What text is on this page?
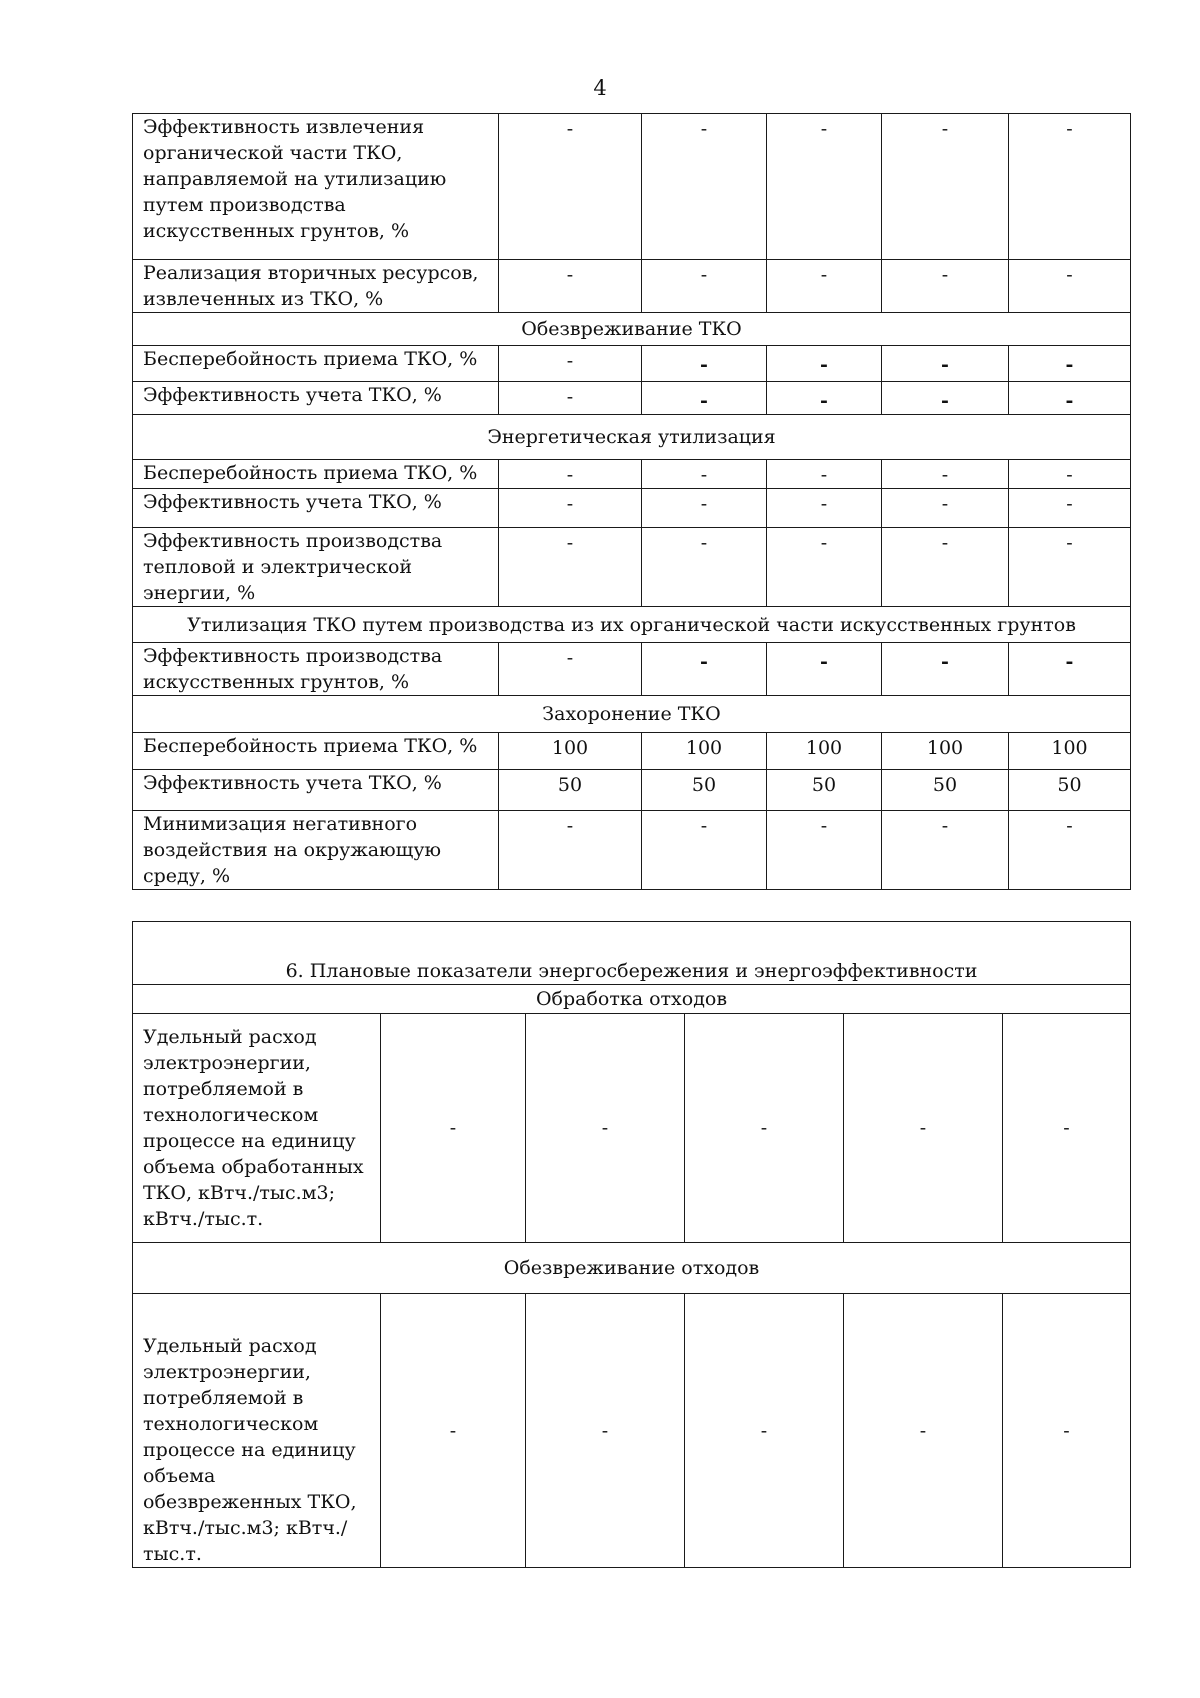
4
Эффективность извлечения органической части ТКО, направляемой на утилизацию путем производства искусственных грунтов, %	-	-	-	-	-
Реализация вторичных ресурсов, извлеченных из ТКО, %	-	-	-	-	-
Обезвреживание ТКО					
Бесперебойность приема ТКО, %	-	-	-	-	-
Эффективность учета ТКО, %	-	-	-	-	-
Энергетическая утилизация					
Бесперебойность приема ТКО, %	-	-	-	-	-
Эффективность учета ТКО, %	-	-	-	-	-
Эффективность производства тепловой и электрической энергии, %	-	-	-	-	-
Утилизация ТКО путем производства из их органической части искусственных грунтов					
Эффективность производства искусственных грунтов, %	-	-	-	-	-
Захоронение ТКО					
Бесперебойность приема ТКО, %	100	100	100	100	100
Эффективность учета ТКО, %	50	50	50	50	50
Минимизация негативного воздействия на окружающую среду, %	-	-	-	-	-
6. Плановые показатели энергосбережения и энергоэффективности					
Обработка отходов					
Удельный расход электроэнергии, потребляемой в технологическом процессе на единицу объема обработанных ТКО, кВтч./тыс.м3; кВтч./тыс.т.	-	-	-	-	-
Обезвреживание отходов					
Удельный расход электроэнергии, потребляемой в технологическом процессе на единицу объема обезвреженных ТКО, кВтч./тыс.м3; кВтч./тыс.т.	-	-	-	-	-
